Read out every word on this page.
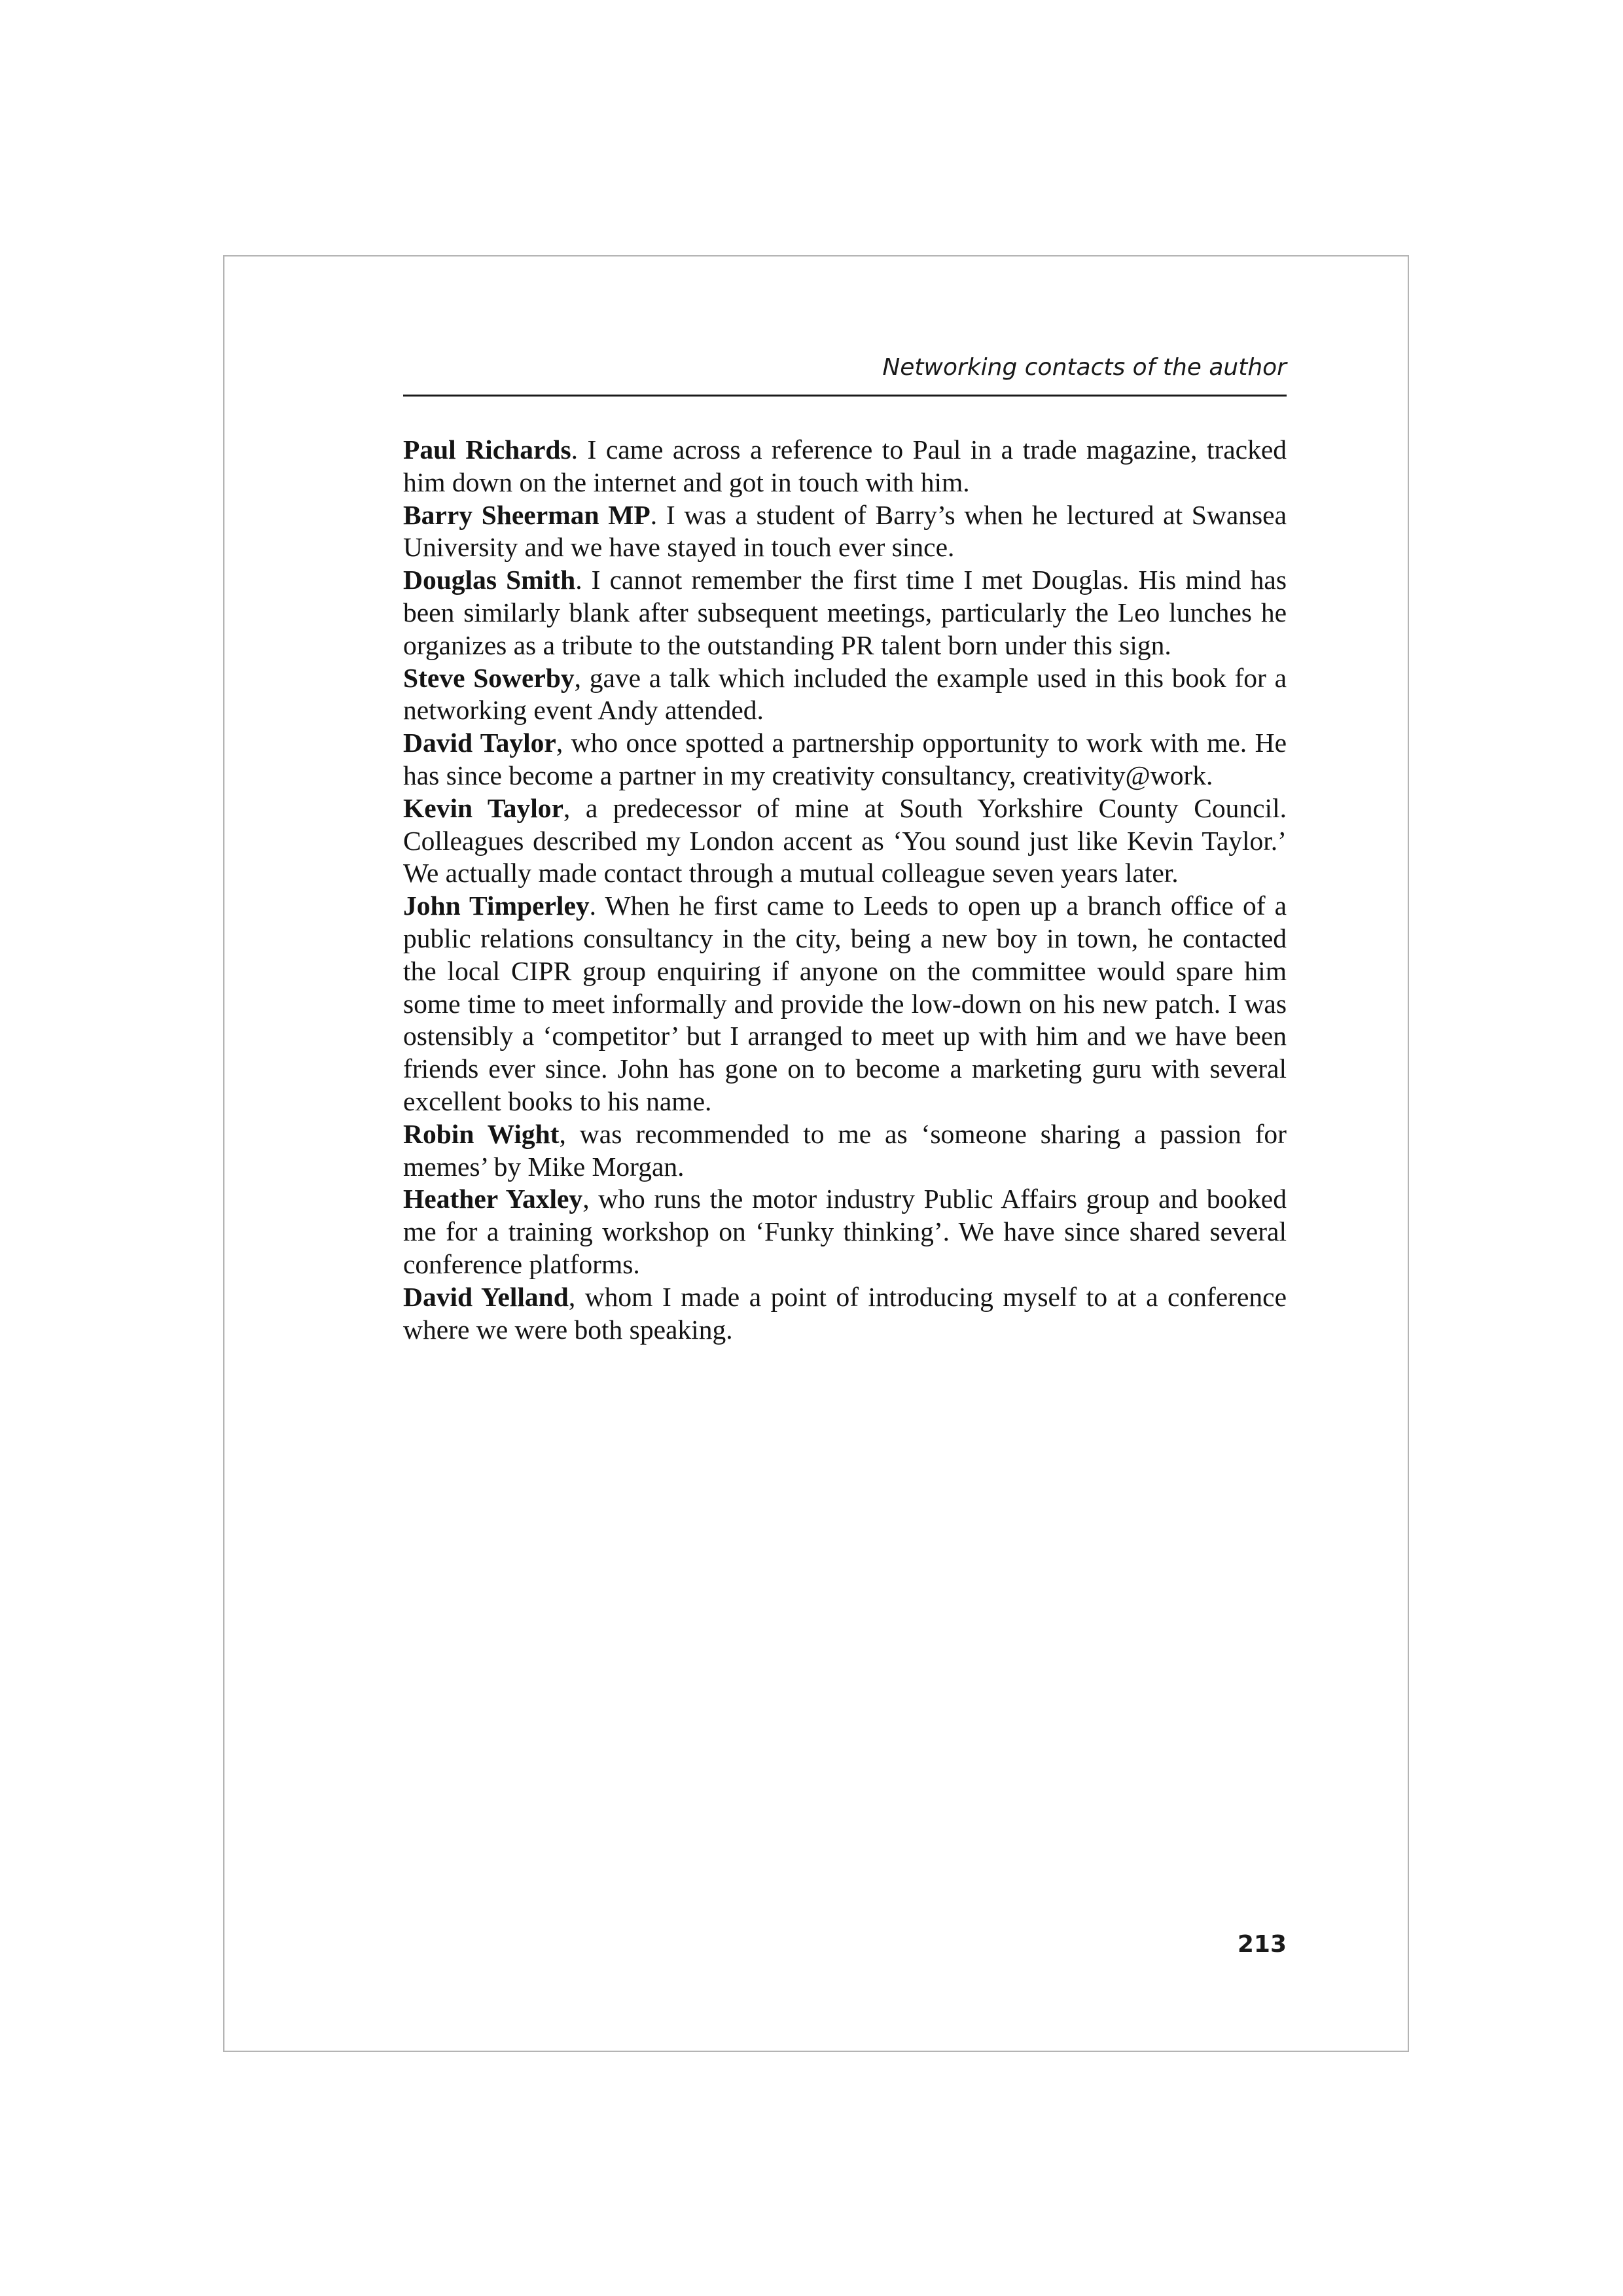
Networking contacts of the author

Paul Richards. I came across a reference to Paul in a trade magazine, tracked him down on the internet and got in touch with him.

Barry Sheerman MP. I was a student of Barry’s when he lectured at Swansea University and we have stayed in touch ever since.

Douglas Smith. I cannot remember the first time I met Douglas. His mind has been similarly blank after subsequent meetings, particularly the Leo lunches he organizes as a tribute to the outstanding PR talent born under this sign.

Steve Sowerby, gave a talk which included the example used in this book for a networking event Andy attended.

David Taylor, who once spotted a partnership opportunity to work with me. He has since become a partner in my creativity consultancy, creativity@work.

Kevin Taylor, a predecessor of mine at South Yorkshire County Council. Colleagues described my London accent as ‘You sound just like Kevin Taylor.’ We actually made contact through a mutual colleague seven years later.

John Timperley. When he first came to Leeds to open up a branch office of a public relations consultancy in the city, being a new boy in town, he contacted the local CIPR group enquiring if anyone on the committee would spare him some time to meet informally and provide the low-down on his new patch. I was ostensibly a ‘competitor’ but I arranged to meet up with him and we have been friends ever since. John has gone on to become a marketing guru with several excellent books to his name.

Robin Wight, was recommended to me as ‘someone sharing a passion for memes’ by Mike Morgan.

Heather Yaxley, who runs the motor industry Public Affairs group and booked me for a training workshop on ‘Funky thinking’. We have since shared several conference platforms.

David Yelland, whom I made a point of introducing myself to at a conference where we were both speaking.

213
